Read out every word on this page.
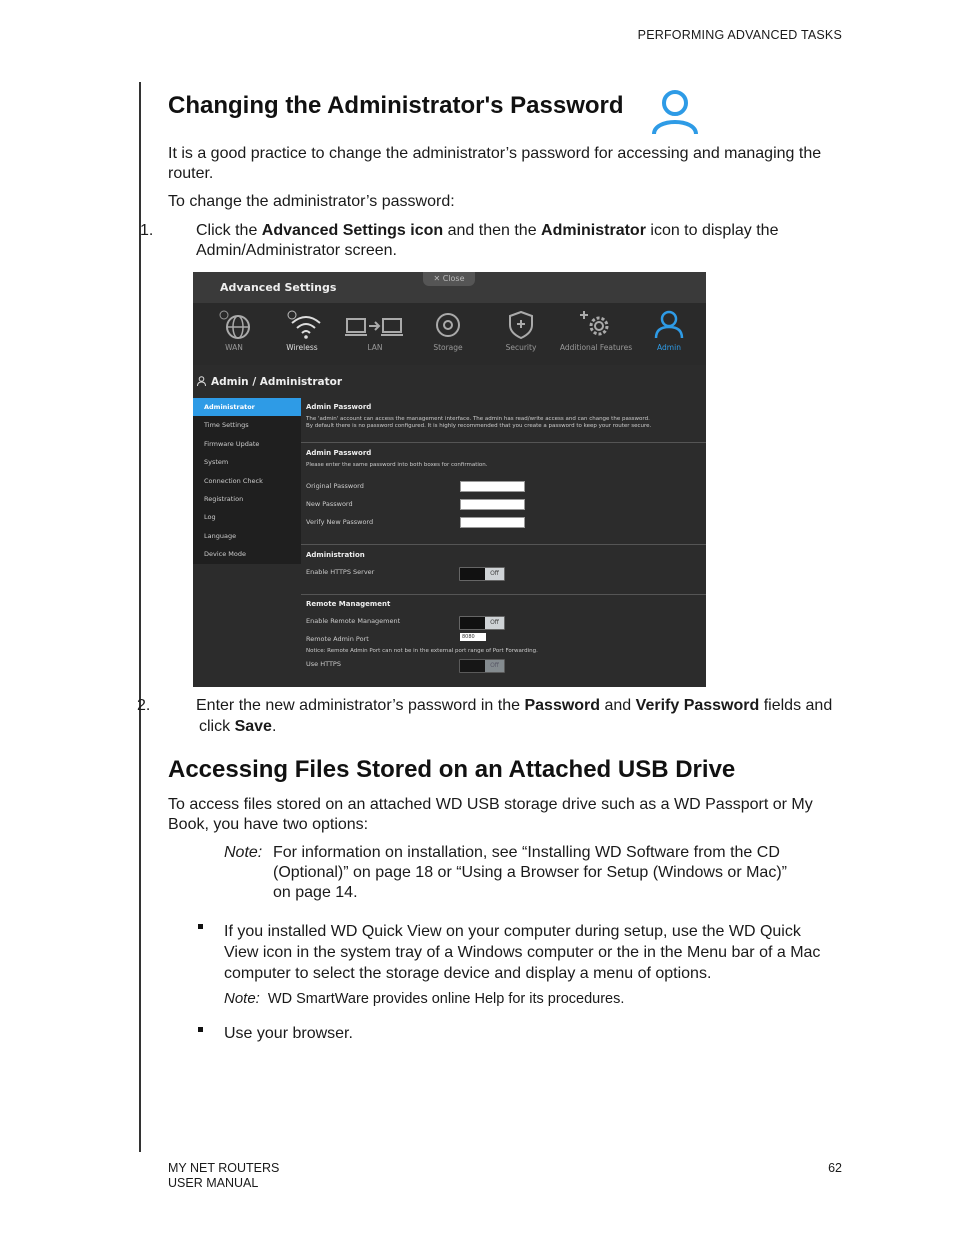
PERFORMING ADVANCED TASKS
Changing the Administrator's Password

It is a good practice to change the administrator’s password for accessing and managing the router.

To change the administrator’s password:

1.	Click the Advanced Settings icon and then the Administrator icon to display the Admin/Administrator screen.

Advanced Settings
✕ Close
WAN	Wireless	LAN	Storage	Security	Additional Features	Admin
Admin / Administrator
Administrator
Time Settings
Firmware Update
System
Connection Check
Registration
Log
Language
Device Mode
Admin Password
The 'admin' account can access the management interface. The admin has read/write access and can change the password.
By default there is no password configured. It is highly recommended that you create a password to keep your router secure.
Admin Password
Please enter the same password into both boxes for confirmation.
Original Password
New Password
Verify New Password
Administration
Enable HTTPS Server	Off
Remote Management
Enable Remote Management	Off
Remote Admin Port	8080
Notice: Remote Admin Port can not be in the external port range of Port Forwarding.
Use HTTPS	Off

2.	Enter the new administrator’s password in the Password and Verify Password fields and click Save.

Accessing Files Stored on an Attached USB Drive

To access files stored on an attached WD USB storage drive such as a WD Passport or My Book, you have two options:

Note: For information on installation, see “Installing WD Software from the CD (Optional)” on page 18 or “Using a Browser for Setup (Windows or Mac)” on page 14.

If you installed WD Quick View on your computer during setup, use the WD Quick View icon in the system tray of a Windows computer or the in the Menu bar of a Mac computer to select the storage device and display a menu of options.

Note: WD SmartWare provides online Help for its procedures.

Use your browser.

MY NET ROUTERS
USER MANUAL
62
